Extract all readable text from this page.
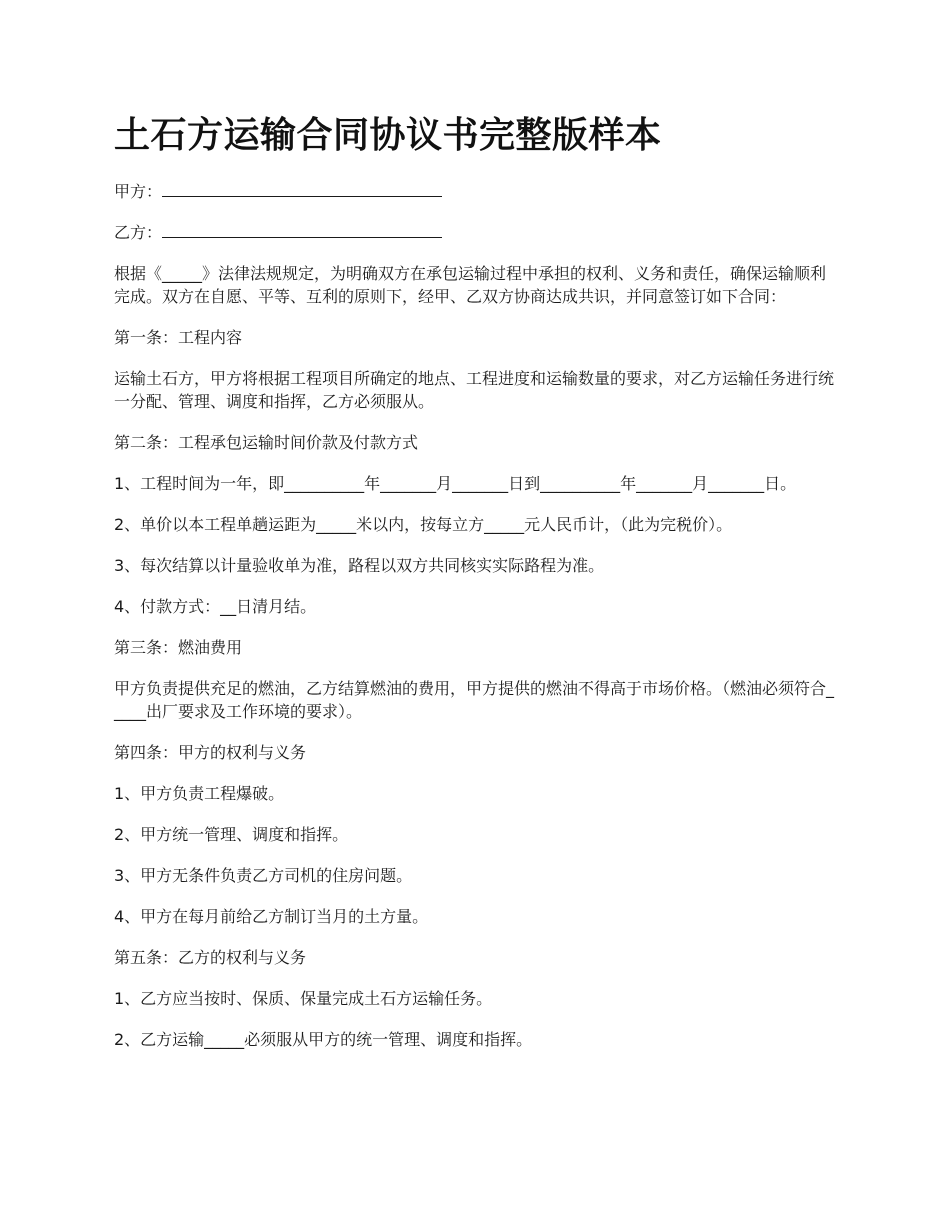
土石方运输合同协议书完整版样本
甲方：
乙方：

根据《_____》法律法规规定，为明确双方在承包运输过程中承担的权利、义务和责任，确保运输顺利完成。双方在自愿、平等、互利的原则下，经甲、乙双方协商达成共识，并同意签订如下合同：

第一条：工程内容

运输土石方，甲方将根据工程项目所确定的地点、工程进度和运输数量的要求，对乙方运输任务进行统一分配、管理、调度和指挥，乙方必须服从。

第二条：工程承包运输时间价款及付款方式

1、工程时间为一年，即__________年_______月_______日到__________年_______月_______日。

2、单价以本工程单趟运距为_____米以内，按每立方_____元人民币计，（此为完税价）。

3、每次结算以计量验收单为准，路程以双方共同核实实际路程为准。

4、付款方式：__日清月结。

第三条：燃油费用

甲方负责提供充足的燃油，乙方结算燃油的费用，甲方提供的燃油不得高于市场价格。（燃油必须符合_____出厂要求及工作环境的要求）。

第四条：甲方的权利与义务

1、甲方负责工程爆破。

2、甲方统一管理、调度和指挥。

3、甲方无条件负责乙方司机的住房问题。

4、甲方在每月前给乙方制订当月的土方量。

第五条：乙方的权利与义务

1、乙方应当按时、保质、保量完成土石方运输任务。

2、乙方运输_____必须服从甲方的统一管理、调度和指挥。
